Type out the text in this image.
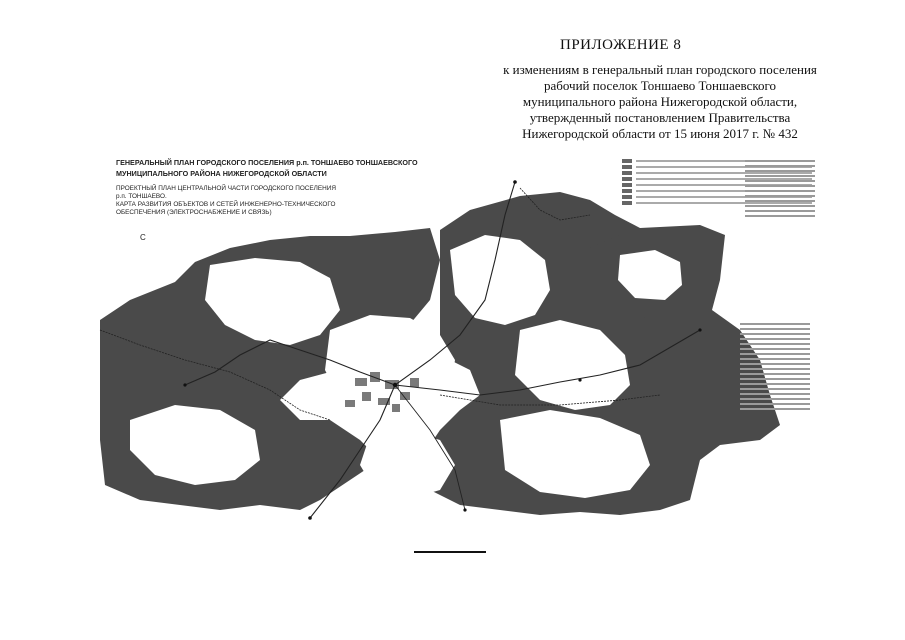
ПРИЛОЖЕНИЕ 8
к изменениям в генеральный план городского поселения
рабочий поселок Тоншаево Тоншаевского
муниципального района Нижегородской области,
утвержденный постановлением Правительства
Нижегородской области от 15 июня 2017 г. № 432
С
ГЕНЕРАЛЬНЫЙ ПЛАН ГОРОДСКОГО ПОСЕЛЕНИЯ р.п. ТОНШАЕВО ТОНШАЕВСКОГО
МУНИЦИПАЛЬНОГО РАЙОНА НИЖЕГОРОДСКОЙ ОБЛАСТИ
ПРОЕКТНЫЙ ПЛАН ЦЕНТРАЛЬНОЙ ЧАСТИ ГОРОДСКОГО ПОСЕЛЕНИЯ
р.п. ТОНШАЕВО.
КАРТА РАЗВИТИЯ ОБЪЕКТОВ И СЕТЕЙ ИНЖЕНЕРНО-ТЕХНИЧЕСКОГО
ОБЕСПЕЧЕНИЯ (ЭЛЕКТРОСНАБЖЕНИЕ И СВЯЗЬ)
